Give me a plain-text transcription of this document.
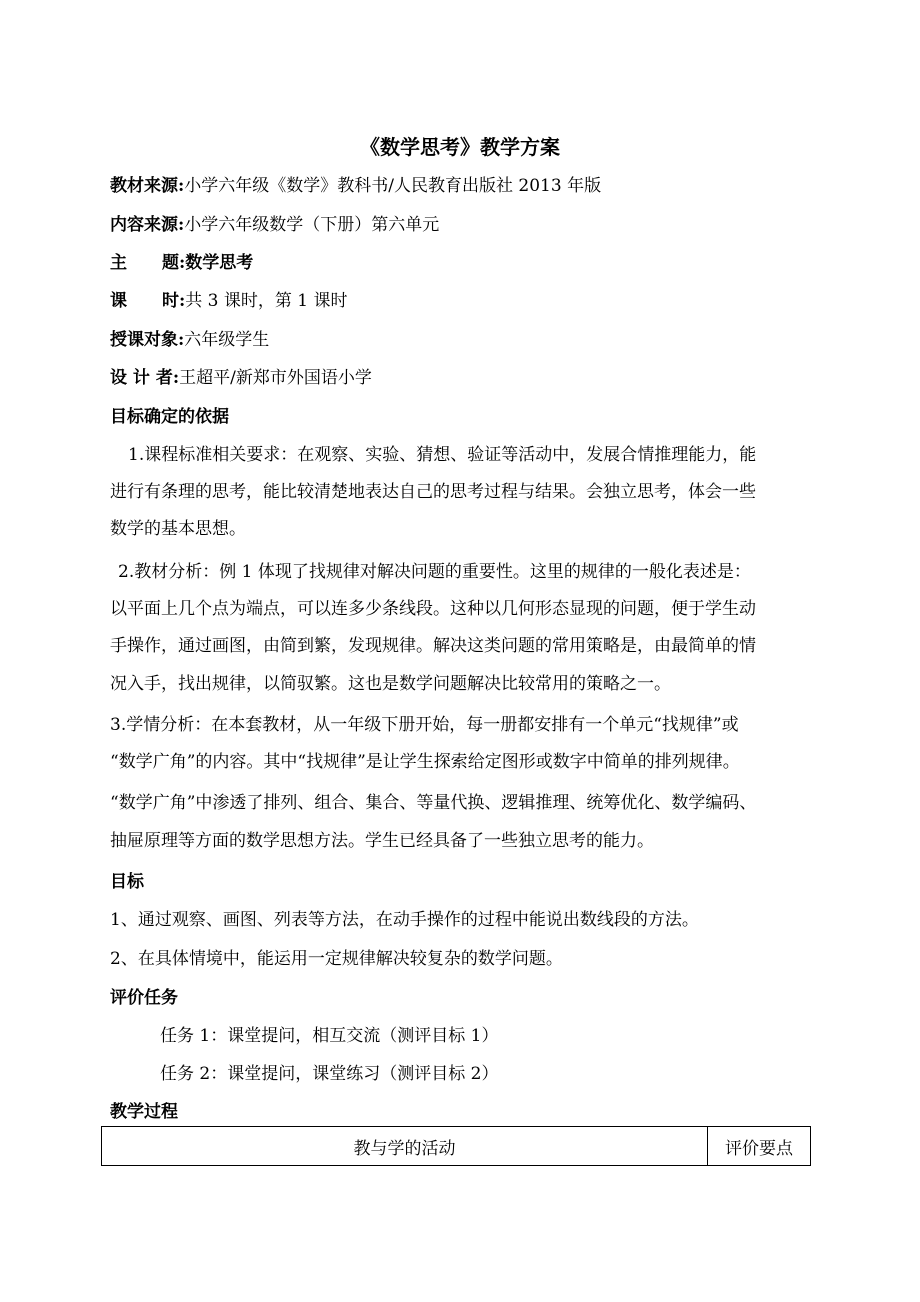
《数学思考》教学方案
教材来源:小学六年级《数学》教科书/人民教育出版社 2013 年版
内容来源:小学六年级数学（下册）第六单元
主 题:数学思考
课 时:共 3 课时，第 1 课时
授课对象:六年级学生
设 计 者:王超平/新郑市外国语小学
目标确定的依据
1.课程标准相关要求：在观察、实验、猜想、验证等活动中，发展合情推理能力，能
进行有条理的思考，能比较清楚地表达自己的思考过程与结果。会独立思考，体会一些
数学的基本思想。
2.教材分析：例 1 体现了找规律对解决问题的重要性。这里的规律的一般化表述是：
以平面上几个点为端点，可以连多少条线段。这种以几何形态显现的问题，便于学生动
手操作，通过画图，由简到繁，发现规律。解决这类问题的常用策略是，由最简单的情
况入手，找出规律，以简驭繁。这也是数学问题解决比较常用的策略之一。
3.学情分析：在本套教材，从一年级下册开始，每一册都安排有一个单元“找规律”或
“数学广角”的内容。其中“找规律”是让学生探索给定图形或数字中简单的排列规律。
“数学广角”中渗透了排列、组合、集合、等量代换、逻辑推理、统筹优化、数学编码、
抽屉原理等方面的数学思想方法。学生已经具备了一些独立思考的能力。
目标
1、通过观察、画图、列表等方法，在动手操作的过程中能说出数线段的方法。
2、在具体情境中，能运用一定规律解决较复杂的数学问题。
评价任务
任务 1：课堂提问，相互交流（测评目标 1）
任务 2：课堂提问，课堂练习（测评目标 2）
教学过程
教与学的活动	评价要点
